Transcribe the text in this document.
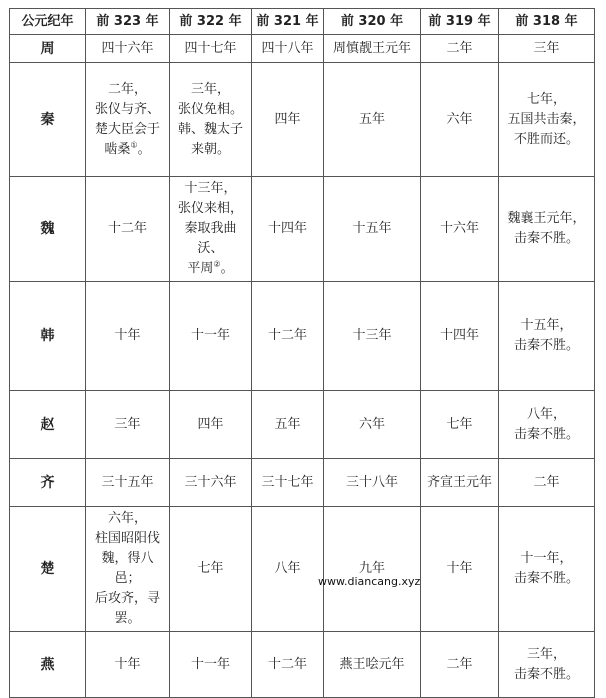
公元纪年	前 323 年	前 322 年	前 321 年	前 320 年	前 319 年	前 318 年
周	四十六年	四十七年	四十八年	周慎靓王元年	二年	三年
秦	二年，
张仪与齐、
楚大臣会于
啮桑①。	三年，
张仪免相。
韩、魏太子
来朝。	四年	五年	六年	七年，
五国共击秦，
不胜而还。
魏	十二年	十三年，
张仪来相，
秦取我曲沃、
平周②。	十四年	十五年	十六年	魏襄王元年，
击秦不胜。
韩	十年	十一年	十二年	十三年	十四年	十五年，
击秦不胜。
赵	三年	四年	五年	六年	七年	八年，
击秦不胜。
齐	三十五年	三十六年	三十七年	三十八年	齐宣王元年	二年
楚	六年，
柱国昭阳伐
魏，得八邑；
后攻齐，寻罢。	七年	八年	九年	十年	十一年，
击秦不胜。
燕	十年	十一年	十二年	燕王哙元年	二年	三年，
击秦不胜。
www.diancang.xyz
